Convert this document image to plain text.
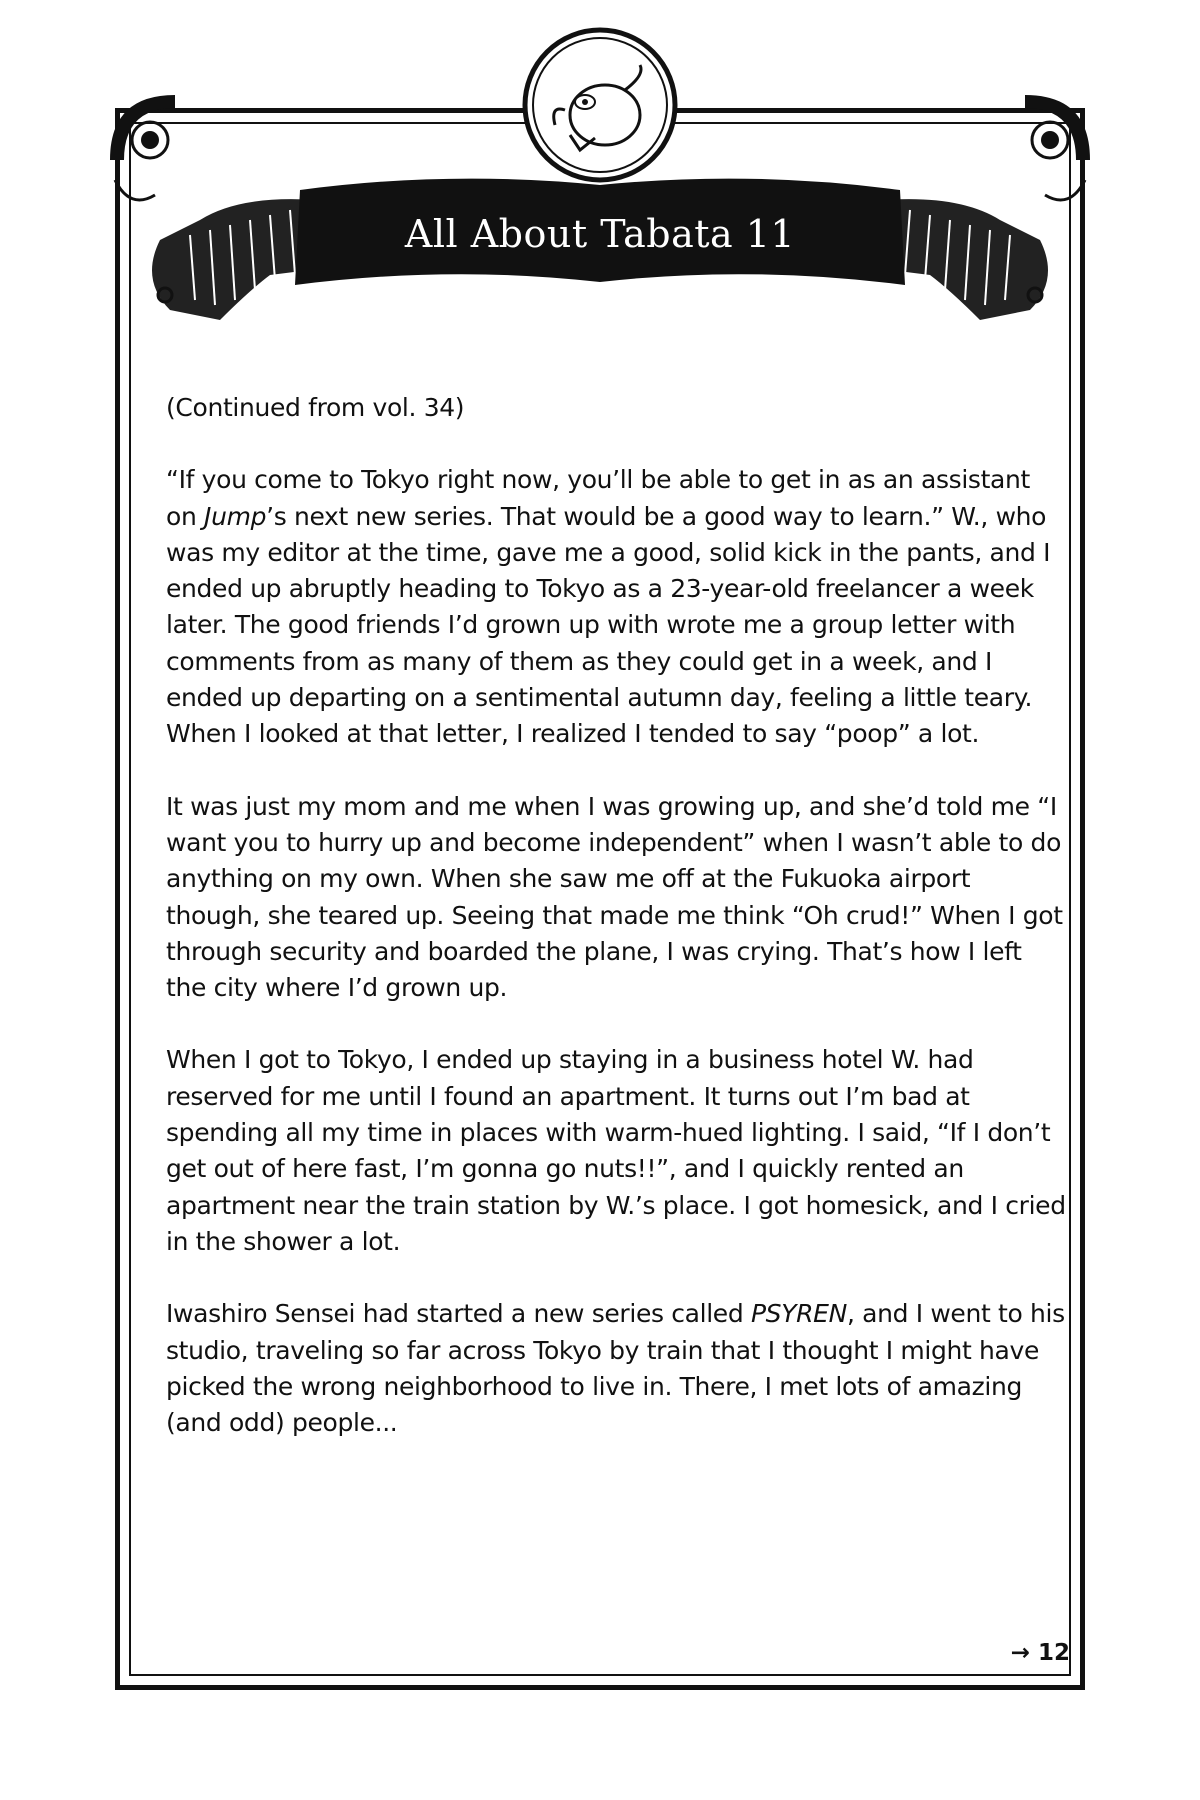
All About Tabata 11

(Continued from vol. 34)

“If you come to Tokyo right now, you’ll be able to get in as an assistant on Jump’s next new series. That would be a good way to learn.” W., who was my editor at the time, gave me a good, solid kick in the pants, and I ended up abruptly heading to Tokyo as a 23-year-old freelancer a week later. The good friends I’d grown up with wrote me a group letter with comments from as many of them as they could get in a week, and I ended up departing on a sentimental autumn day, feeling a little teary. When I looked at that letter, I realized I tended to say “poop” a lot.

It was just my mom and me when I was growing up, and she’d told me “I want you to hurry up and become independent” when I wasn’t able to do anything on my own. When she saw me off at the Fukuoka airport though, she teared up. Seeing that made me think “Oh crud!” When I got through security and boarded the plane, I was crying. That’s how I left the city where I’d grown up.

When I got to Tokyo, I ended up staying in a business hotel W. had reserved for me until I found an apartment. It turns out I’m bad at spending all my time in places with warm-hued lighting. I said, “If I don’t get out of here fast, I’m gonna go nuts!!”, and I quickly rented an apartment near the train station by W.’s place. I got homesick, and I cried in the shower a lot.

Iwashiro Sensei had started a new series called PSYREN, and I went to his studio, traveling so far across Tokyo by train that I thought I might have picked the wrong neighborhood to live in. There, I met lots of amazing (and odd) people...

→ 12
